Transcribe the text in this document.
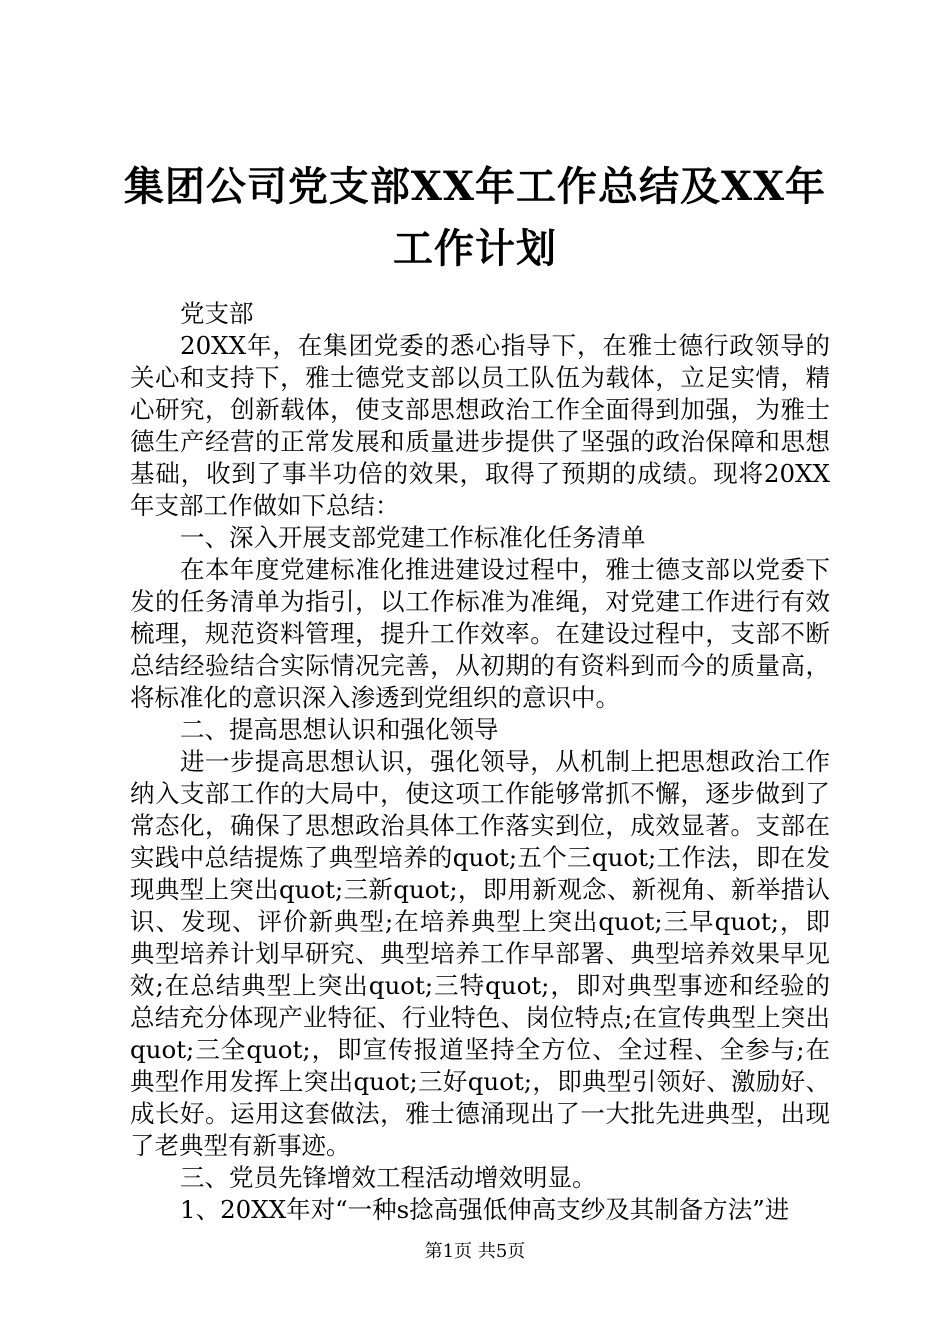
集团公司党支部XX年工作总结及XX年工作计划

党支部

20XX年，在集团党委的悉心指导下，在雅士德行政领导的关心和支持下，雅士德党支部以员工队伍为载体，立足实情，精心研究，创新载体，使支部思想政治工作全面得到加强，为雅士德生产经营的正常发展和质量进步提供了坚强的政治保障和思想基础，收到了事半功倍的效果，取得了预期的成绩。现将20XX年支部工作做如下总结：

一、深入开展支部党建工作标准化任务清单

在本年度党建标准化推进建设过程中，雅士德支部以党委下发的任务清单为指引，以工作标准为准绳，对党建工作进行有效梳理，规范资料管理，提升工作效率。在建设过程中，支部不断总结经验结合实际情况完善，从初期的有资料到而今的质量高，将标准化的意识深入渗透到党组织的意识中。

二、提高思想认识和强化领导

进一步提高思想认识，强化领导，从机制上把思想政治工作纳入支部工作的大局中，使这项工作能够常抓不懈，逐步做到了常态化，确保了思想政治具体工作落实到位，成效显著。支部在实践中总结提炼了典型培养的quot;五个三quot;工作法，即在发现典型上突出quot;三新quot;，即用新观念、新视角、新举措认识、发现、评价新典型;在培养典型上突出quot;三早quot;，即典型培养计划早研究、典型培养工作早部署、典型培养效果早见效;在总结典型上突出quot;三特quot;，即对典型事迹和经验的总结充分体现产业特征、行业特色、岗位特点;在宣传典型上突出quot;三全quot;，即宣传报道坚持全方位、全过程、全参与;在典型作用发挥上突出quot;三好quot;，即典型引领好、激励好、成长好。运用这套做法，雅士德涌现出了一大批先进典型，出现了老典型有新事迹。

三、党员先锋增效工程活动增效明显。

1、20XX年对“一种s捻高强低伸高支纱及其制备方法”进

第1页 共5页
